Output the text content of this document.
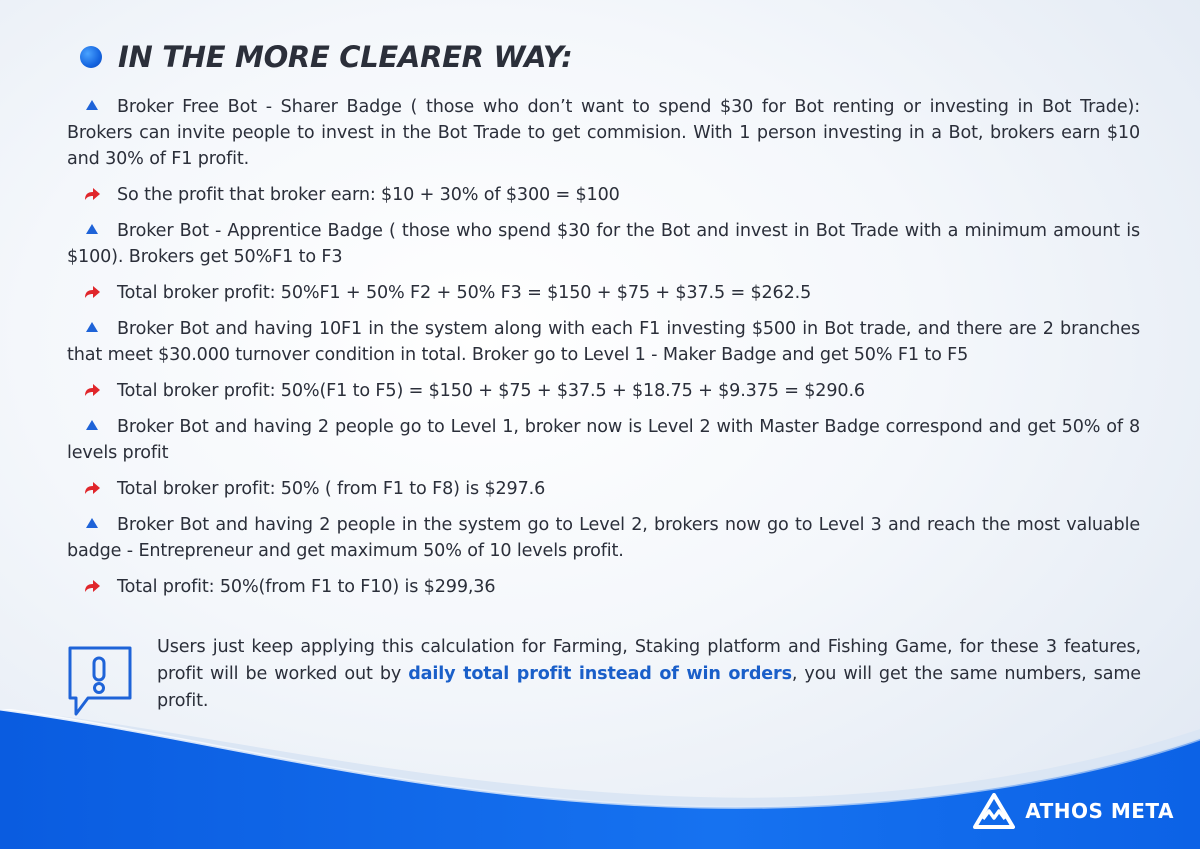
IN THE MORE CLEARER WAY:

Broker Free Bot - Sharer Badge ( those who don’t want to spend $30 for Bot renting or investing in Bot Trade): Brokers can invite people to invest in the Bot Trade to get commision. With 1 person investing in a Bot, brokers earn $10 and 30% of F1 profit.

So the profit that broker earn: $10 + 30% of $300 = $100

Broker Bot - Apprentice Badge ( those who spend $30 for the Bot and invest in Bot Trade with a minimum amount is $100). Brokers get 50%F1 to F3

Total broker profit: 50%F1 + 50% F2 + 50% F3 = $150 + $75 + $37.5 = $262.5

Broker Bot and having 10F1 in the system along with each F1 investing $500 in Bot trade, and there are 2 branches that meet $30.000 turnover condition in total. Broker go to Level 1 - Maker Badge and get 50% F1 to F5

Total broker profit: 50%(F1 to F5) = $150 + $75 + $37.5 + $18.75 + $9.375 = $290.6

Broker Bot and having 2 people go to Level 1, broker now is Level 2 with Master Badge correspond and get 50% of 8 levels profit

Total broker profit: 50% ( from F1 to F8) is $297.6

Broker Bot and having 2 people in the system go to Level 2, brokers now go to Level 3 and reach the most valuable badge - Entrepreneur and get maximum 50% of 10 levels profit.

Total profit: 50%(from F1 to F10) is $299,36

Users just keep applying this calculation for Farming, Staking platform and Fishing Game, for these 3 features, profit will be worked out by daily total profit instead of win orders, you will get the same numbers, same profit.
ATHOS META
